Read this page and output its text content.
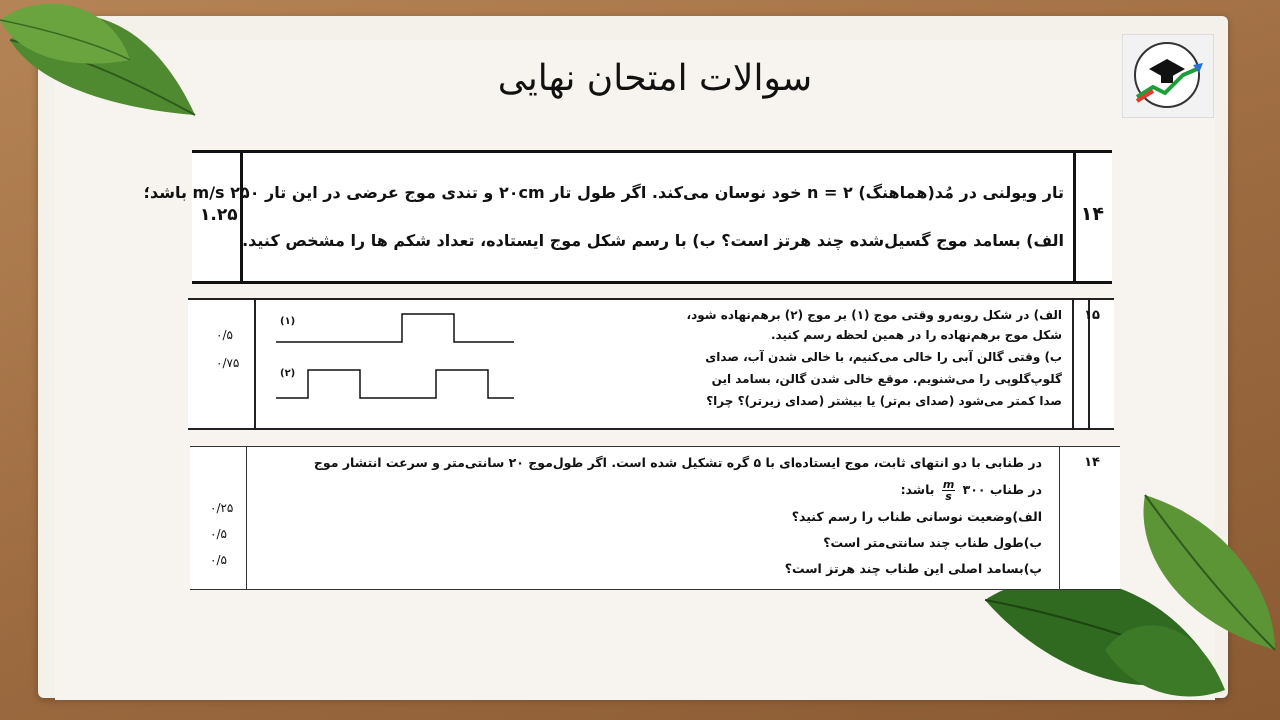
سوالات امتحان نهایی
۱۴
۱.۲۵
تار ویولنی در مُد(هماهنگ) ۲ = n خود نوسان می‌کند. اگر طول تار ۲۰cm و تندی موج عرضی در این تار ۲۵۰ m/s باشد؛
الف) بسامد موج گسیل‌شده چند هرتز است؟ ب) با رسم شکل موج ایستاده، تعداد شکم ها را مشخص کنید.
۱۵
الف) در شکل روبه‌رو وقتی موج (۱) بر موج (۲) برهم‌نهاده شود،
شکل موج برهم‌نهاده را در همین لحظه رسم کنید.
ب) وقتی گالن آبی را خالی می‌کنیم، با خالی شدن آب، صدای
گلوپ‌گلوپی را می‌شنویم. موقع خالی شدن گالن، بسامد این
صدا کمتر می‌شود (صدای بم‌تر) یا بیشتر (صدای زیرتر)؟ چرا؟
۰/۵
۰/۷۵
(۱)
(۲)
۱۴
در طنابی با دو انتهای ثابت، موج ایستاده‌ای با ۵ گره تشکیل شده است. اگر طول‌موج ۲۰ سانتی‌متر و سرعت انتشار موج
در طناب ۳۰۰
$\frac{m}{s}$
باشد:
الف)وضعیت نوسانی طناب را رسم کنید؟
ب)طول طناب چند سانتی‌متر است؟
پ)بسامد اصلی این طناب چند هرتز است؟
۰/۲۵
۰/۵
۰/۵
